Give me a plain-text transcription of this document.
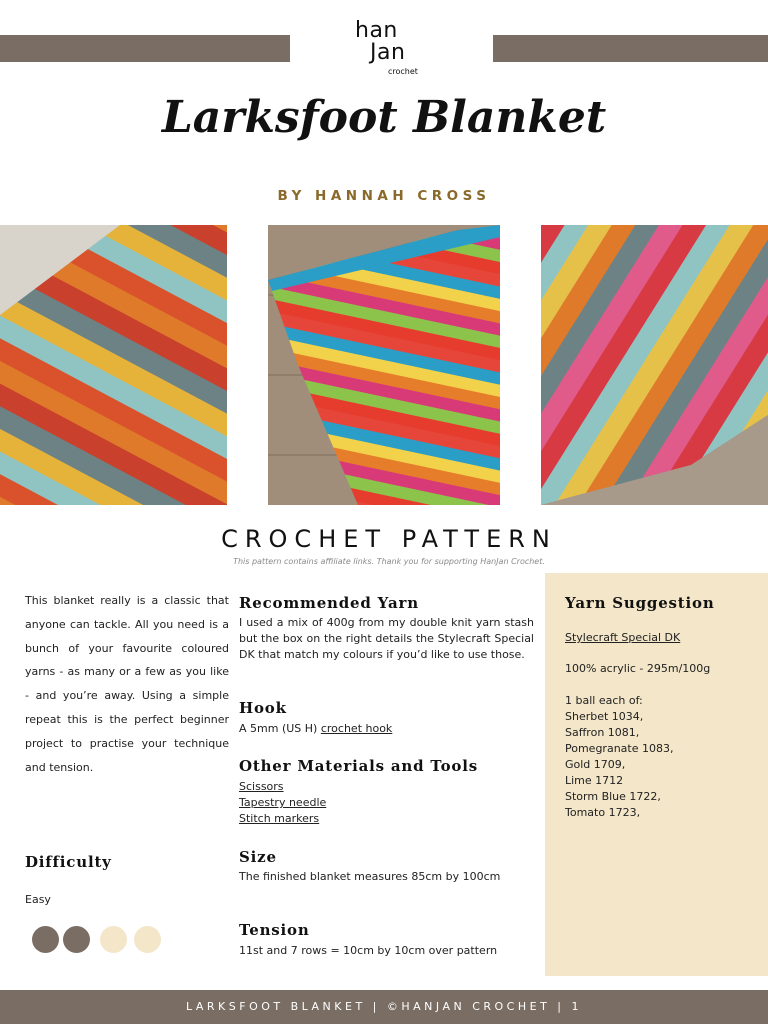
han
Jan
crochet
Larksfoot Blanket
BY HANNAH CROSS
CROCHET PATTERN
This pattern contains affiliate links. Thank you for supporting HanJan Crochet.

This blanket really is a classic that anyone can tackle. All you need is a bunch of your favourite coloured yarns - as many or a few as you like - and you’re away. Using a simple repeat this is the perfect beginner project to practise your technique and tension.

Difficulty
Easy
Recommended Yarn

I used a mix of 400g from my double knit yarn stash but the box on the right details the Stylecraft Special DK that match my colours if you’d like to use those.

Hook
A 5mm (US H) crochet hook
Other Materials and Tools
Scissors
Tapestry needle
Stitch markers
Size

The finished blanket measures 85cm by 100cm

Tension

11st and 7 rows = 10cm by 10cm over pattern

Yarn Suggestion
Stylecraft Special DK
100% acrylic - 295m/100g
1 ball each of:
Sherbet 1034,
Saffron 1081,
Pomegranate 1083,
Gold 1709,
Lime 1712
Storm Blue 1722,
Tomato 1723,
LARKSFOOT BLANKET | ©HANJAN CROCHET | 1
